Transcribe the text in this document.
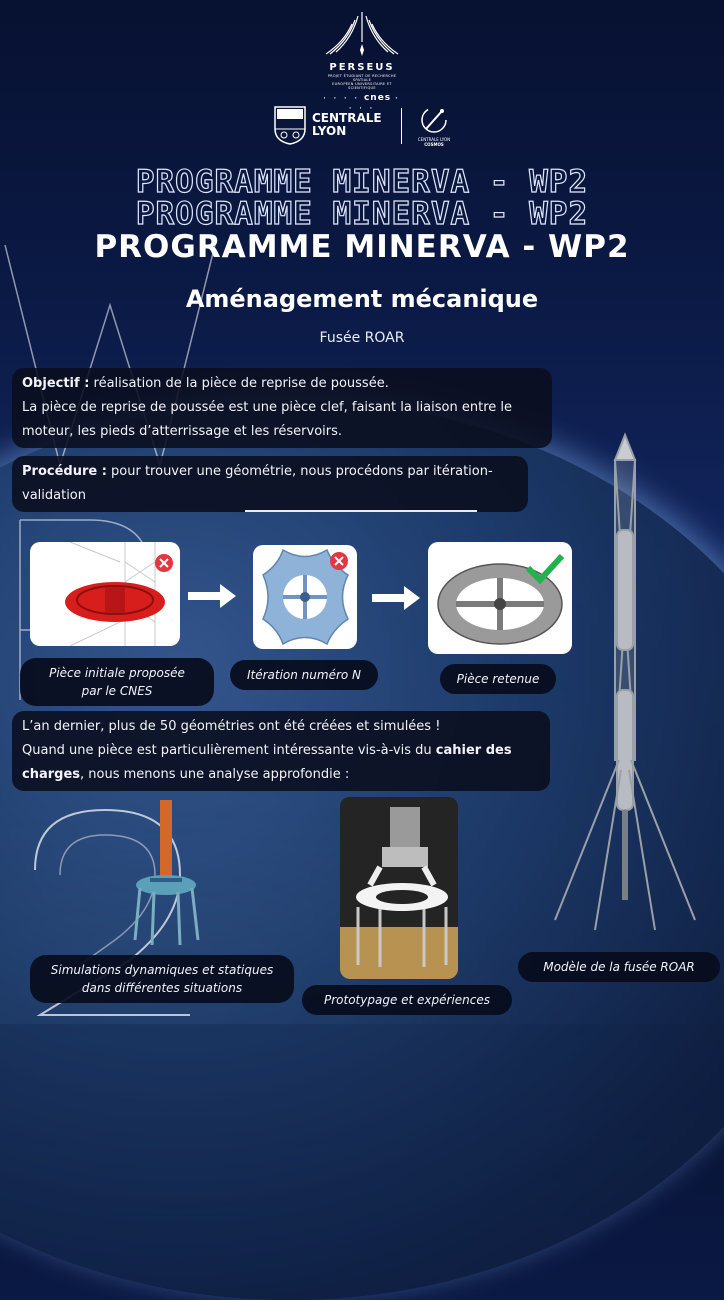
PERSEUS
PROJET ÉTUDIANT DE RECHERCHE SPATIALE
EUROPÉEN UNIVERSITAIRE ET SCIENTIFIQUE
· · · · cnes · · · ·
CENTRALE
LYON
CENTRALE LYON
COSMOS
PROGRAMME MINERVA - WP2
PROGRAMME MINERVA - WP2
PROGRAMME MINERVA - WP2
Aménagement mécanique
Fusée ROAR
Objectif : réalisation de la pièce de reprise de poussée.
La pièce de reprise de poussée est une pièce clef, faisant la liaison entre le
moteur, les pieds d’atterrissage et les réservoirs.
Procédure : pour trouver une géométrie, nous procédons par itération-
validation
Pièce initiale proposée
par le CNES
Itération numéro N	Pièce retenue
L’an dernier, plus de 50 géométries ont été créées et simulées !
Quand une pièce est particulièrement intéressante vis-à-vis du cahier des
charges, nous menons une analyse approfondie :
Simulations dynamiques et statiques
dans différentes situations
Prototypage et expériences
Modèle de la fusée ROAR
